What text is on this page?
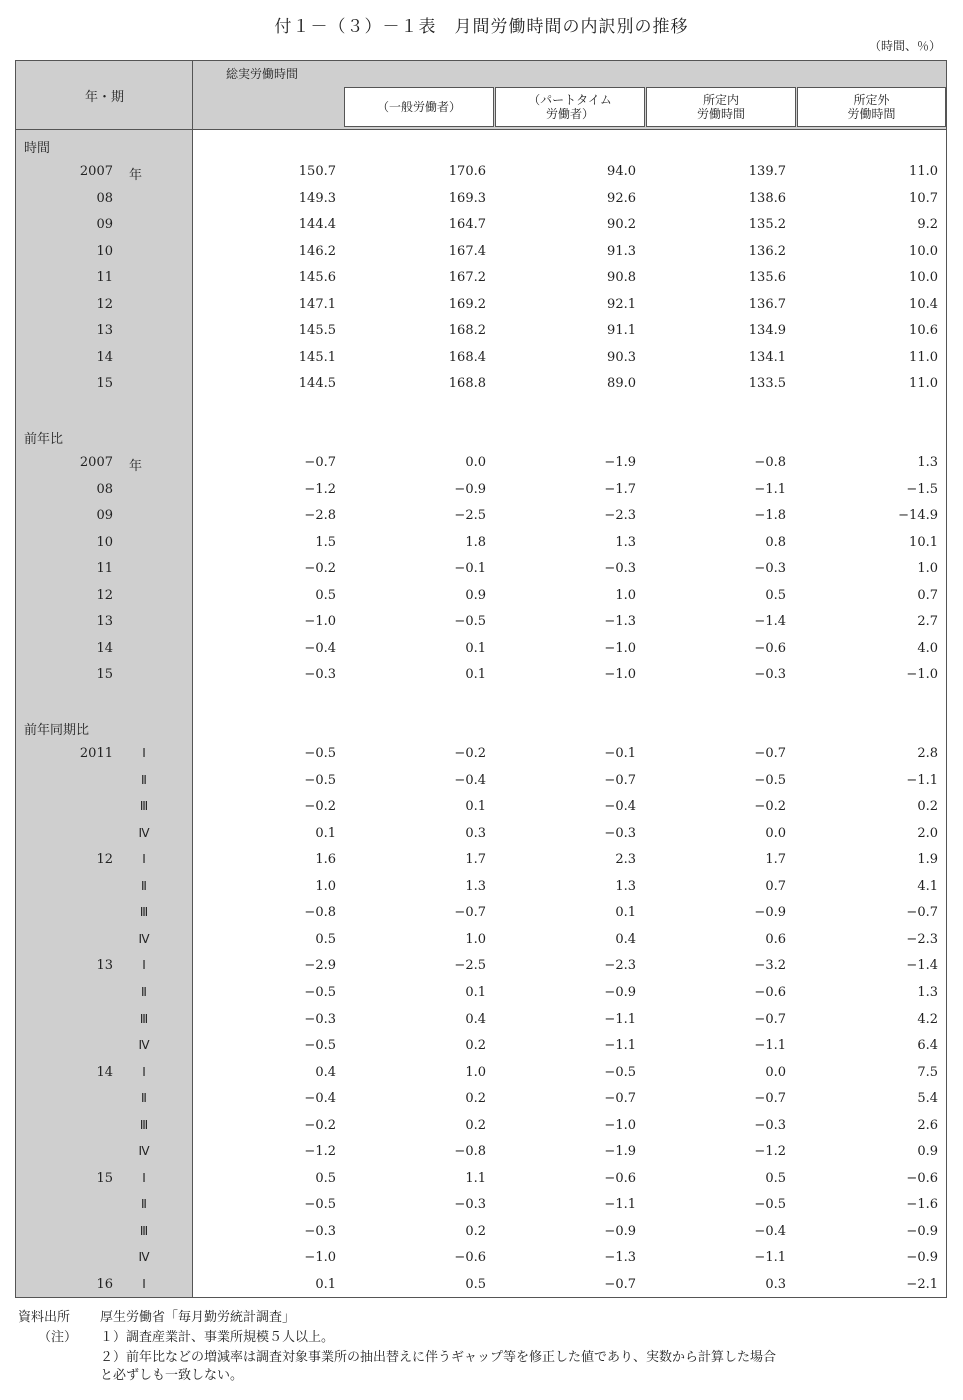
付１－（３）－１表　月間労働時間の内訳別の推移
（時間、％）
年・期
総実労働時間
（一般労働者）	（パートタイム
労働者）
所定内
労働時間
所定外
労働時間
時間
2007 年	150.7	170.6	94.0	139.7	11.0
08	149.3	169.3	92.6	138.6	10.7
09	144.4	164.7	90.2	135.2	9.2
10	146.2	167.4	91.3	136.2	10.0
11	145.6	167.2	90.8	135.6	10.0
12	147.1	169.2	92.1	136.7	10.4
13	145.5	168.2	91.1	134.9	10.6
14	145.1	168.4	90.3	134.1	11.0
15	144.5	168.8	89.0	133.5	11.0
前年比
2007 年	−0.7	0.0	−1.9	−0.8	1.3
08	−1.2	−0.9	−1.7	−1.1	−1.5
09	−2.8	−2.5	−2.3	−1.8	−14.9
10	1.5	1.8	1.3	0.8	10.1
11	−0.2	−0.1	−0.3	−0.3	1.0
12	0.5	0.9	1.0	0.5	0.7
13	−1.0	−0.5	−1.3	−1.4	2.7
14	−0.4	0.1	−1.0	−0.6	4.0
15	−0.3	0.1	−1.0	−0.3	−1.0
前年同期比
2011	Ⅰ	−0.5	−0.2	−0.1	−0.7	2.8
Ⅱ	−0.5	−0.4	−0.7	−0.5	−1.1
Ⅲ	−0.2	0.1	−0.4	−0.2	0.2
Ⅳ	0.1	0.3	−0.3	0.0	2.0
12	Ⅰ	1.6	1.7	2.3	1.7	1.9
Ⅱ	1.0	1.3	1.3	0.7	4.1
Ⅲ	−0.8	−0.7	0.1	−0.9	−0.7
Ⅳ	0.5	1.0	0.4	0.6	−2.3
13	Ⅰ	−2.9	−2.5	−2.3	−3.2	−1.4
Ⅱ	−0.5	0.1	−0.9	−0.6	1.3
Ⅲ	−0.3	0.4	−1.1	−0.7	4.2
Ⅳ	−0.5	0.2	−1.1	−1.1	6.4
14	Ⅰ	0.4	1.0	−0.5	0.0	7.5
Ⅱ	−0.4	0.2	−0.7	−0.7	5.4
Ⅲ	−0.2	0.2	−1.0	−0.3	2.6
Ⅳ	−1.2	−0.8	−1.9	−1.2	0.9
15	Ⅰ	0.5	1.1	−0.6	0.5	−0.6
Ⅱ	−0.5	−0.3	−1.1	−0.5	−1.6
Ⅲ	−0.3	0.2	−0.9	−0.4	−0.9
Ⅳ	−1.0	−0.6	−1.3	−1.1	−0.9
16	Ⅰ	0.1	0.5	−0.7	0.3	−2.1
資料出所 厚生労働省「毎月勤労統計調査」
（注） １）調査産業計、事業所規模５人以上。
２）前年比などの増減率は調査対象事業所の抽出替えに伴うギャップ等を修正した値であり、実数から計算した場合
と必ずしも一致しない。
